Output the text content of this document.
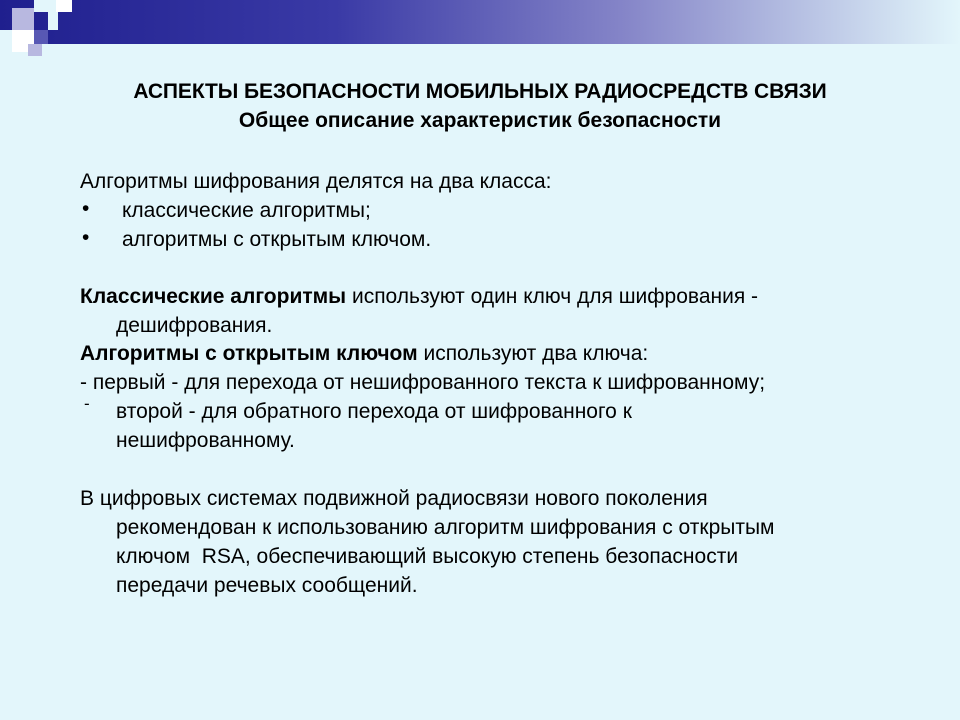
АСПЕКТЫ БЕЗОПАСНОСТИ МОБИЛЬНЫХ РАДИОСРЕДСТВ СВЯЗИ
Общее описание характеристик безопасности
Алгоритмы шифрования делятся на два класса:
• классические алгоритмы;
• алгоритмы с открытым ключом.
Классические алгоритмы используют один ключ для шифрования -
дешифрования.
Алгоритмы с открытым ключом используют два ключа:
- первый - для перехода от нешифрованного текста к шифрованному;
- второй - для обратного перехода от шифрованного к
нешифрованному.
В цифровых системах подвижной радиосвязи нового поколения
рекомендован к использованию алгоритм шифрования с открытым
ключом  RSA, обеспечивающий высокую степень безопасности
передачи речевых сообщений.
